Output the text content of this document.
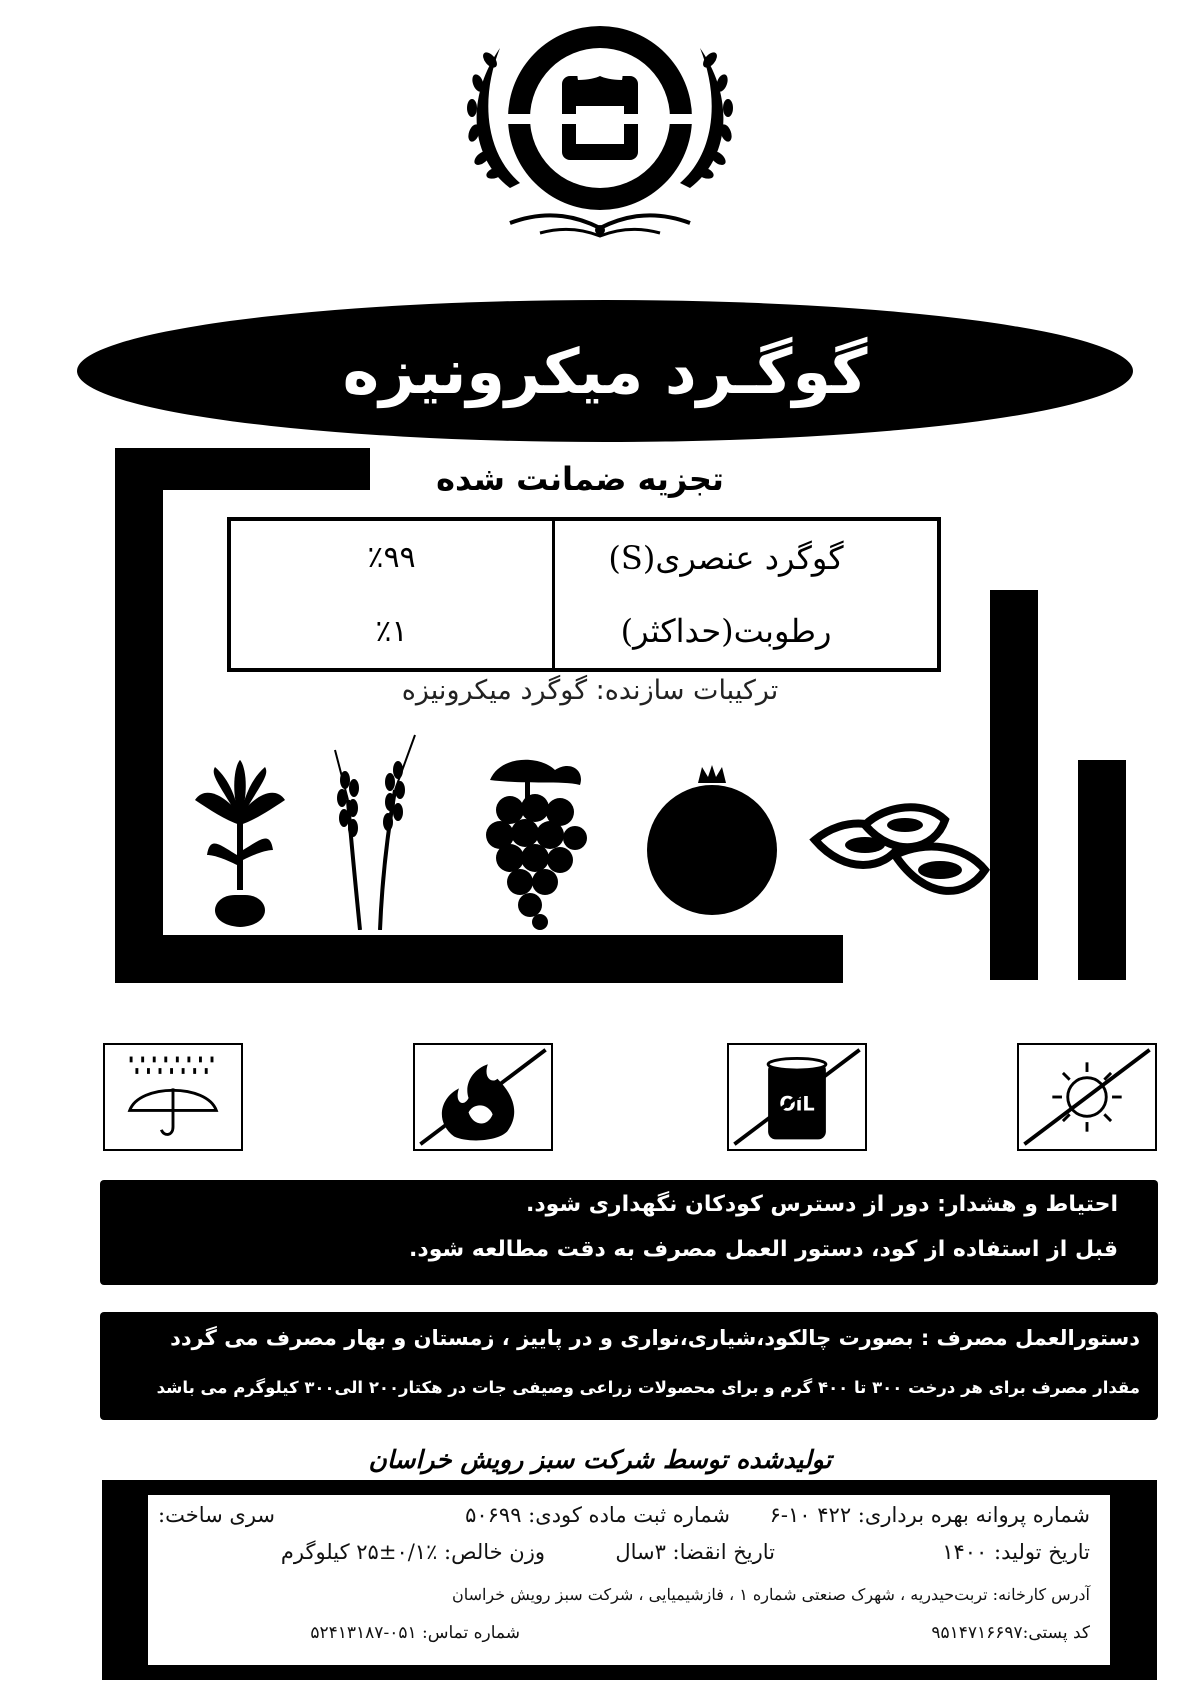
گوگـرد میکرونیزه
تجزیه ضمانت شده
گوگرد عنصری(S)
٪۹۹
رطوبت(حداکثر)
٪۱
ترکیبات سازنده: گوگرد میکرونیزه
OiL
احتیاط و هشدار: دور از دسترس کودکان نگهداری شود.
قبل از استفاده از کود، دستور العمل مصرف به دقت مطالعه شود.
دستورالعمل مصرف : بصورت چالکود،شیاری،نواری و در پاییز ، زمستان و بهار مصرف می گردد
مقدار مصرف برای هر درخت ۳۰۰ تا ۴۰۰ گرم و برای محصولات زراعی وصیفی جات در هکتار۲۰۰ الی۳۰۰ کیلوگرم می باشد
تولیدشده توسط شرکت سبز رویش خراسان
شماره پروانه بهره برداری: ۴۲۲ ۱۰-۶
شماره ثبت ماده کودی: ۵۰۶۹۹
سری ساخت:
تاریخ تولید: ۱۴۰۰
تاریخ انقضا: ۳سال
وزن خالص: ٪۰/۱±۲۵ کیلوگرم
آدرس کارخانه: تربت‌حیدریه ، شهرک صنعتی شماره ۱ ، فازشیمیایی ، شرکت سبز رویش خراسان
کد پستی:۹۵۱۴۷۱۶۶۹۷
شماره تماس: ۰۵۱-۵۲۴۱۳۱۸۷
